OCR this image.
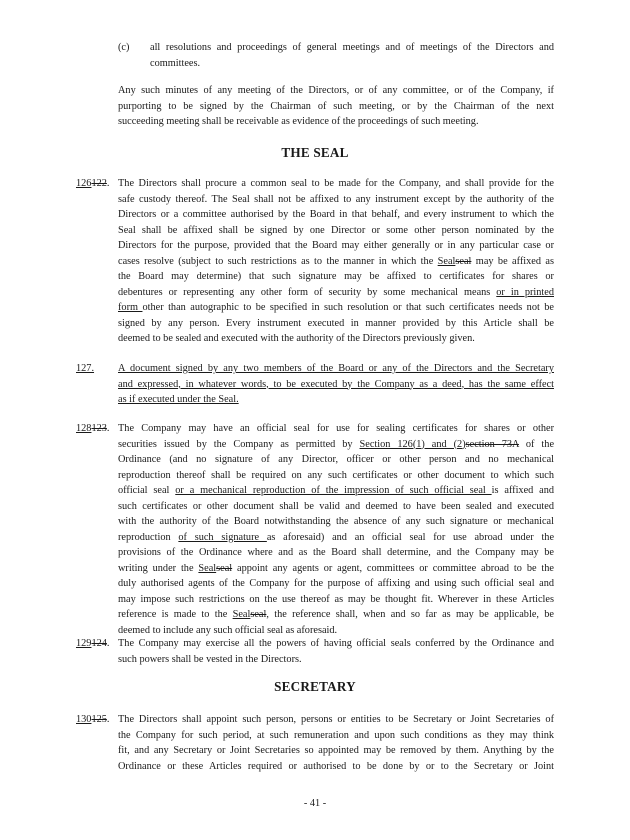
(c) all resolutions and proceedings of general meetings and of meetings of the Directors and
committees.
Any such minutes of any meeting of the Directors, or of any committee, or of the Company, if
purporting to be signed by the Chairman of such meeting, or by the Chairman of the next
succeeding meeting shall be receivable as evidence of the proceedings of such meeting.
THE SEAL
126122. The Directors shall procure a common seal to be made for the Company, and shall provide for the
safe custody thereof. The Seal shall not be affixed to any instrument except by the authority of the
Directors or a committee authorised by the Board in that behalf, and every instrument to which the
Seal shall be affixed shall be signed by one Director or some other person nominated by the
Directors for the purpose, provided that the Board may either generally or in any particular case or
cases resolve (subject to such restrictions as to the manner in which the Sealseal may be affixed as
the Board may determine) that such signature may be affixed to certificates for shares or
debentures or representing any other form of security by some mechanical means or in printed
form other than autographic to be specified in such resolution or that such certificates needs not be
signed by any person. Every instrument executed in manner provided by this Article shall be
deemed to be sealed and executed with the authority of the Directors previously given.
127. A document signed by any two members of the Board or any of the Directors and the Secretary
and expressed, in whatever words, to be executed by the Company as a deed, has the same effect
as if executed under the Seal.
128123. The Company may have an official seal for use for sealing certificates for shares or other
securities issued by the Company as permitted by Section 126(1) and (2)section 73A of the
Ordinance (and no signature of any Director, officer or other person and no mechanical
reproduction thereof shall be required on any such certificates or other document to which such
official seal or a mechanical reproduction of the impression of such official seal is affixed and
such certificates or other document shall be valid and deemed to have been sealed and executed
with the authority of the Board notwithstanding the absence of any such signature or mechanical
reproduction of such signature as aforesaid) and an official seal for use abroad under the
provisions of the Ordinance where and as the Board shall determine, and the Company may be
writing under the Sealseal appoint any agents or agent, committees or committee abroad to be the
duly authorised agents of the Company for the purpose of affixing and using such official seal and
may impose such restrictions on the use thereof as may be thought fit. Wherever in these Articles
reference is made to the Sealseal, the reference shall, when and so far as may be applicable, be
deemed to include any such official seal as aforesaid.
129124. The Company may exercise all the powers of having official seals conferred by the Ordinance and
such powers shall be vested in the Directors.
SECRETARY
130125. The Directors shall appoint such person, persons or entities to be Secretary or Joint Secretaries of
the Company for such period, at such remuneration and upon such conditions as they may think
fit, and any Secretary or Joint Secretaries so appointed may be removed by them. Anything by the
Ordinance or these Articles required or authorised to be done by or to the Secretary or Joint
- 41 -
